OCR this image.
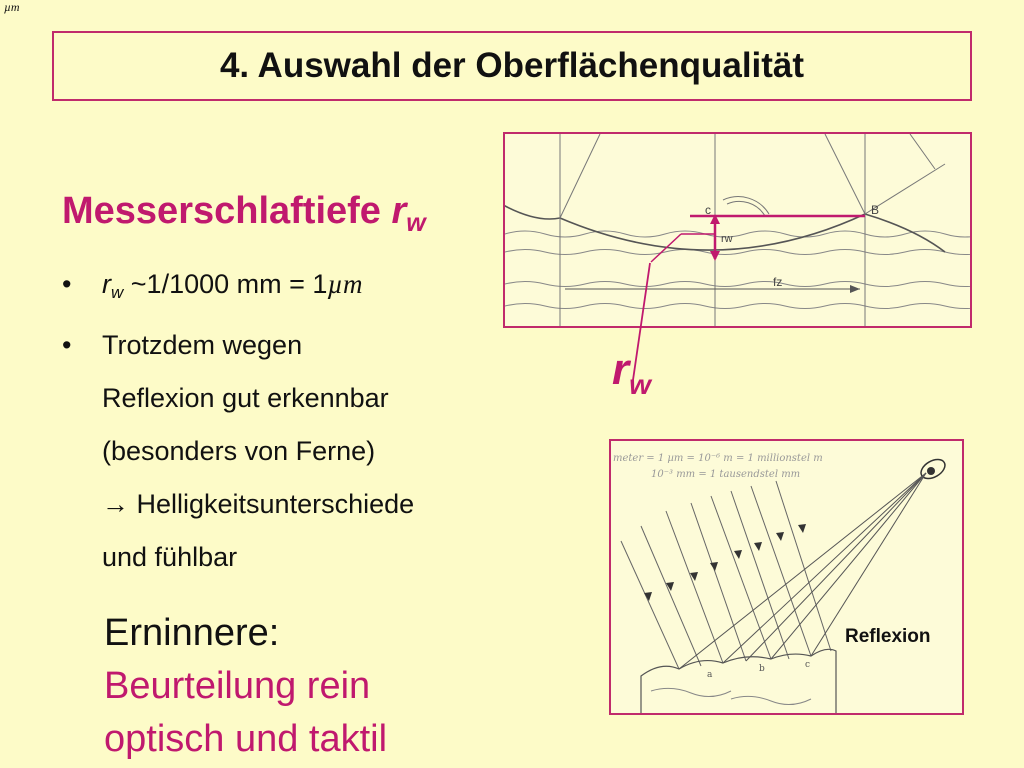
µm
4. Auswahl der Oberflächenqualität
Messerschlaftiefe $r_w$
• rw ~1/1000 mm = 1µm
• Trotzdem wegen
Reflexion gut erkennbar
(besonders von Ferne)
→ Helligkeitsunterschiede
und fühlbar
Erninnere:
Beurteilung rein
optisch und taktil
c	B
rw
fz
$r_w$
meter = 1 µm = 10⁻⁶ m = 1 millionstel m
10⁻³ mm = 1 tausendstel mm
a
b	c
Reflexion
